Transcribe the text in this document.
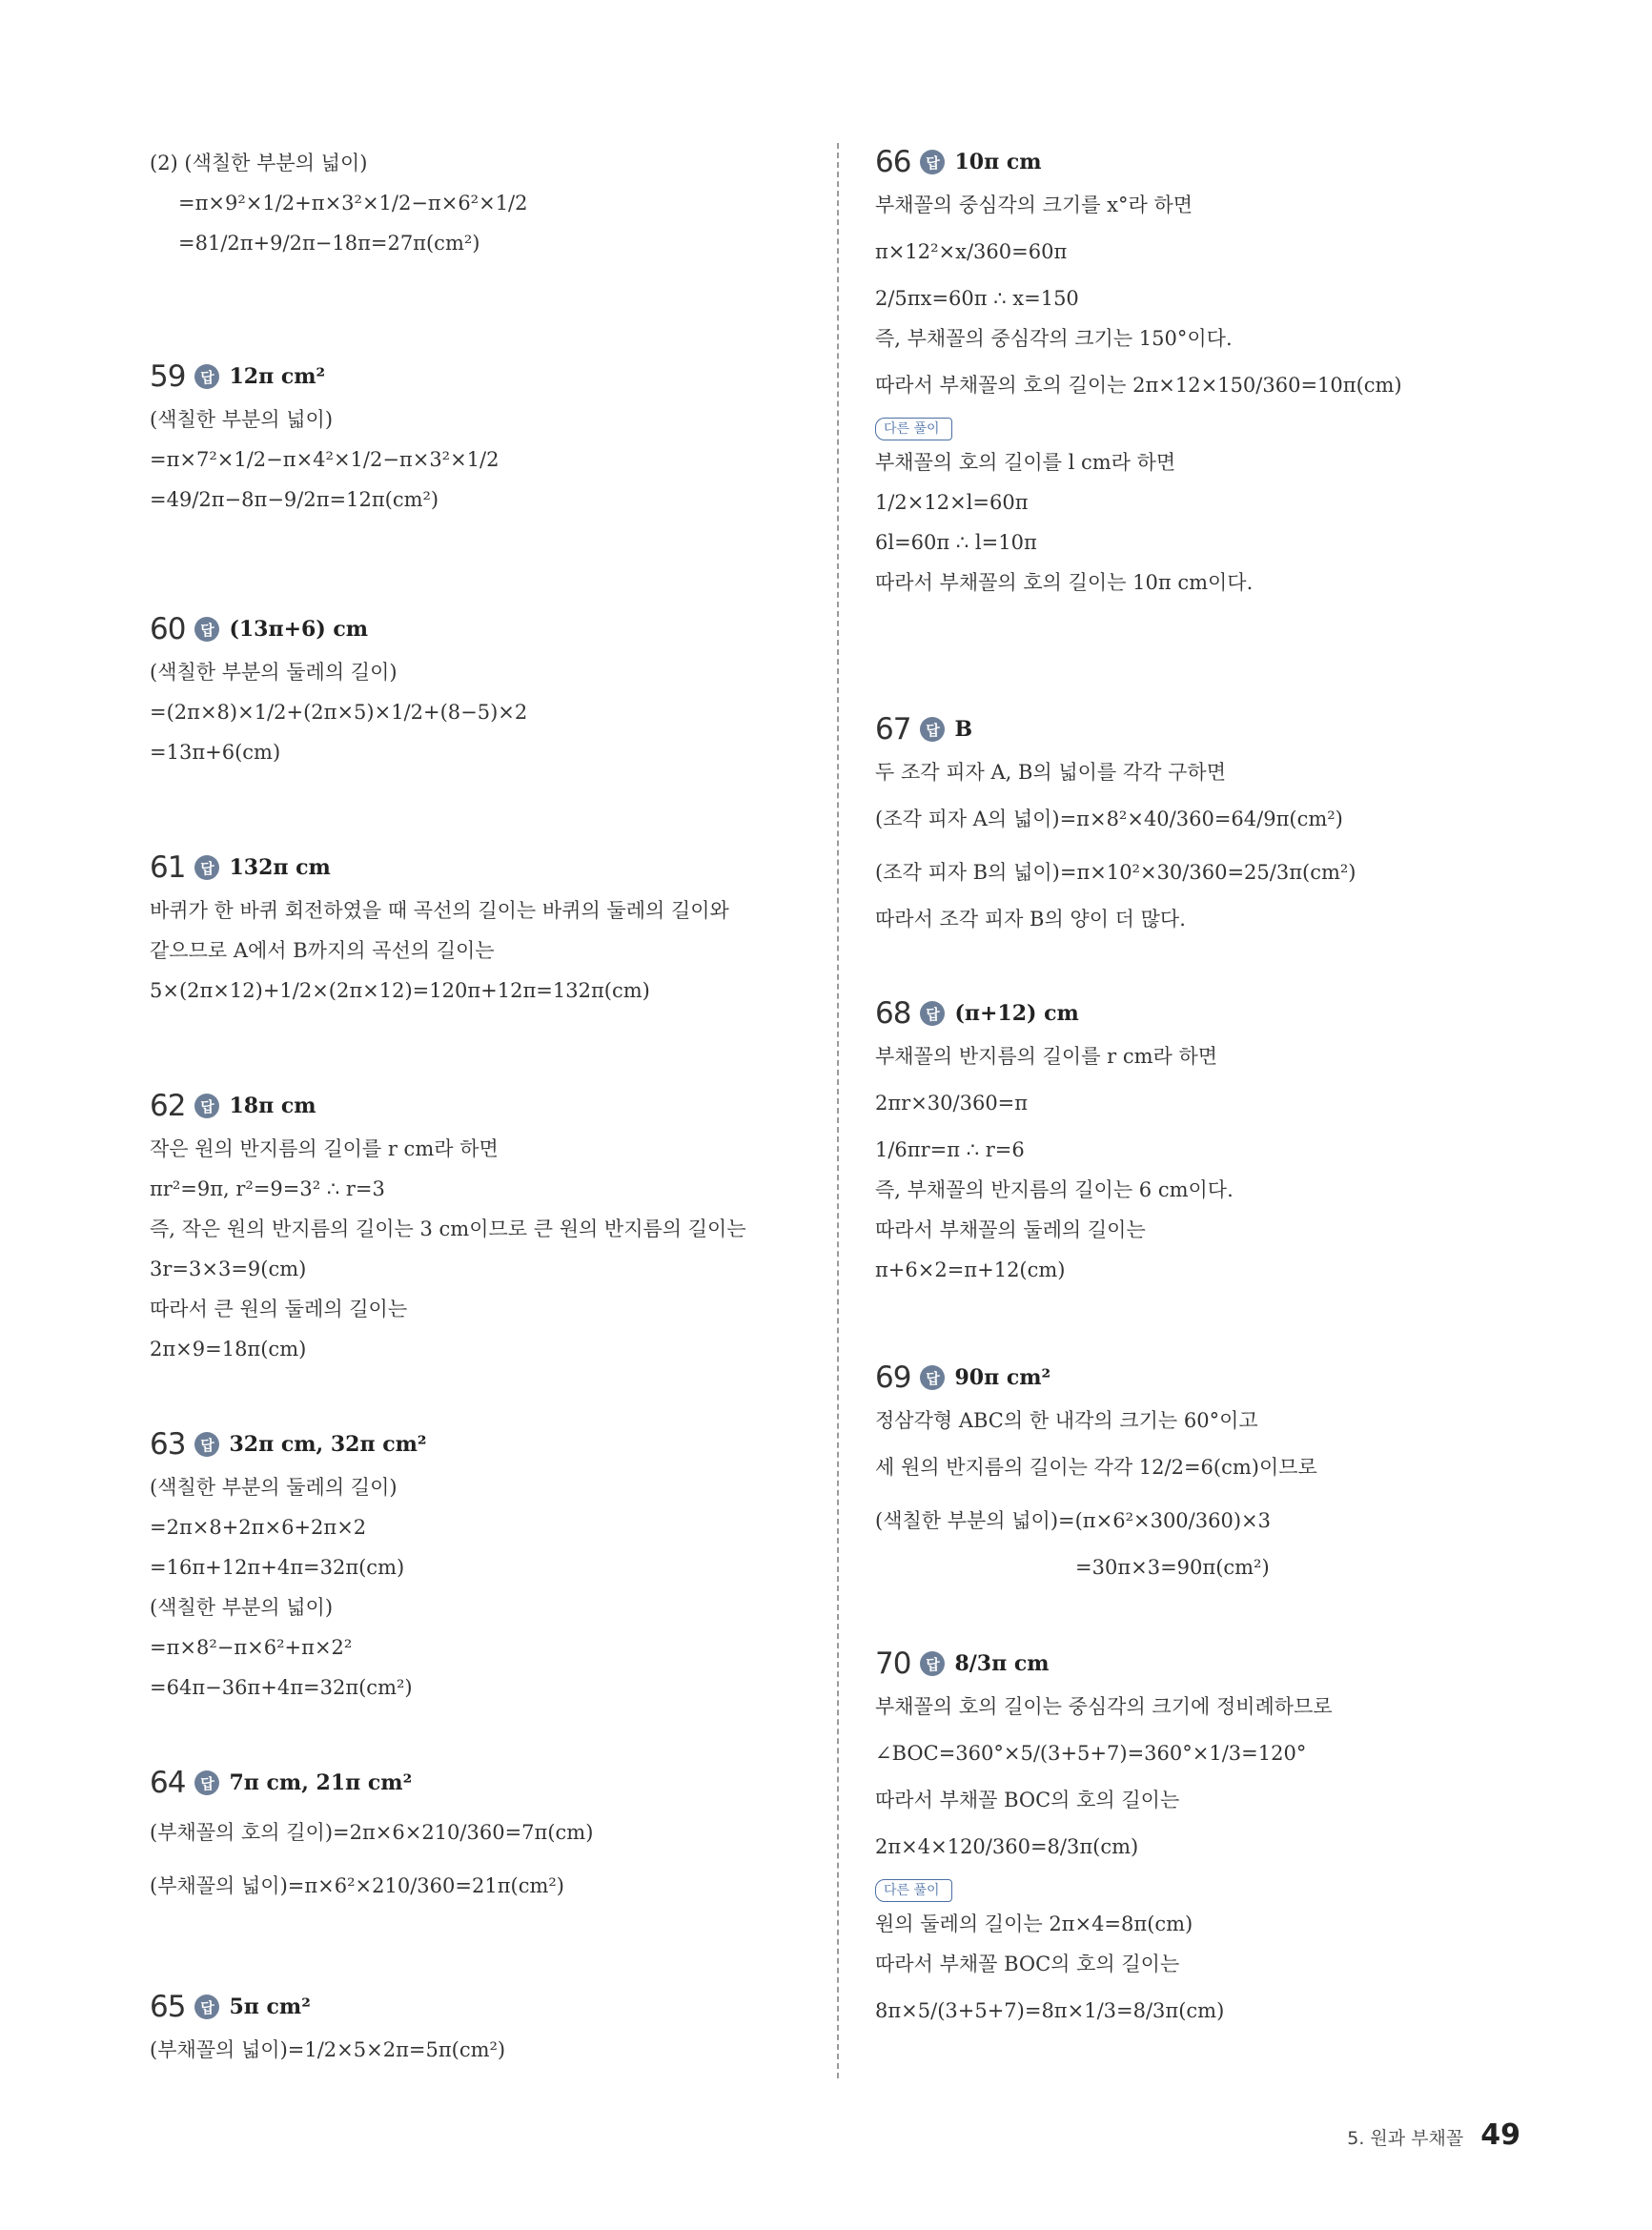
(2) (색칠한 부분의 넓이)
=π×9²×1/2+π×3²×1/2−π×6²×1/2
=81/2π+9/2π−18π=27π(cm²)
59	답 12π cm²
(색칠한 부분의 넓이)
=π×7²×1/2−π×4²×1/2−π×3²×1/2
=49/2π−8π−9/2π=12π(cm²)
60	답 (13π+6) cm
(색칠한 부분의 둘레의 길이)
=(2π×8)×1/2+(2π×5)×1/2+(8−5)×2
=13π+6(cm)
61	답 132π cm
바퀴가 한 바퀴 회전하였을 때 곡선의 길이는 바퀴의 둘레의 길이와
같으므로 A에서 B까지의 곡선의 길이는
5×(2π×12)+1/2×(2π×12)=120π+12π=132π(cm)
62	답 18π cm
작은 원의 반지름의 길이를 r cm라 하면
πr²=9π, r²=9=3² ∴ r=3
즉, 작은 원의 반지름의 길이는 3 cm이므로 큰 원의 반지름의 길이는
3r=3×3=9(cm)
따라서 큰 원의 둘레의 길이는
2π×9=18π(cm)
63	답 32π cm, 32π cm²
(색칠한 부분의 둘레의 길이)
=2π×8+2π×6+2π×2
=16π+12π+4π=32π(cm)
(색칠한 부분의 넓이)
=π×8²−π×6²+π×2²
=64π−36π+4π=32π(cm²)
64	답 7π cm, 21π cm²
(부채꼴의 호의 길이)=2π×6×210/360=7π(cm)
(부채꼴의 넓이)=π×6²×210/360=21π(cm²)
65	답 5π cm²
(부채꼴의 넓이)=1/2×5×2π=5π(cm²)
66	답 10π cm
부채꼴의 중심각의 크기를 x°라 하면
π×12²×x/360=60π
2/5πx=60π ∴ x=150
즉, 부채꼴의 중심각의 크기는 150°이다.
따라서 부채꼴의 호의 길이는 2π×12×150/360=10π(cm)
다른 풀이
부채꼴의 호의 길이를 l cm라 하면
1/2×12×l=60π
6l=60π ∴ l=10π
따라서 부채꼴의 호의 길이는 10π cm이다.
67	답 B
두 조각 피자 A, B의 넓이를 각각 구하면
(조각 피자 A의 넓이)=π×8²×40/360=64/9π(cm²)
(조각 피자 B의 넓이)=π×10²×30/360=25/3π(cm²)
따라서 조각 피자 B의 양이 더 많다.
68	답 (π+12) cm
부채꼴의 반지름의 길이를 r cm라 하면
2πr×30/360=π
1/6πr=π ∴ r=6
즉, 부채꼴의 반지름의 길이는 6 cm이다.
따라서 부채꼴의 둘레의 길이는
π+6×2=π+12(cm)
69	답 90π cm²
정삼각형 ABC의 한 내각의 크기는 60°이고
세 원의 반지름의 길이는 각각 12/2=6(cm)이므로
(색칠한 부분의 넓이)=(π×6²×300/360)×3
=30π×3=90π(cm²)
70	답 8/3π cm
부채꼴의 호의 길이는 중심각의 크기에 정비례하므로
∠BOC=360°×5/(3+5+7)=360°×1/3=120°
따라서 부채꼴 BOC의 호의 길이는
2π×4×120/360=8/3π(cm)
다른 풀이
원의 둘레의 길이는 2π×4=8π(cm)
따라서 부채꼴 BOC의 호의 길이는
8π×5/(3+5+7)=8π×1/3=8/3π(cm)
5. 원과 부채꼴 49
